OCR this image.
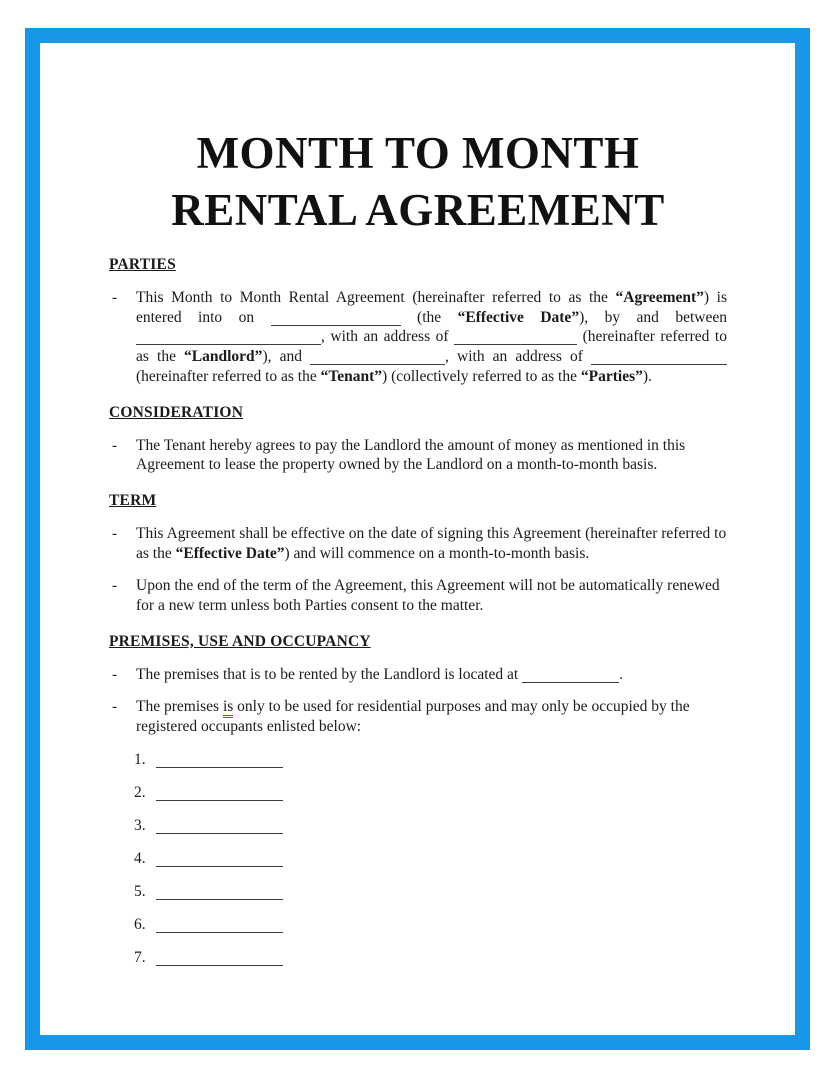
MONTH TO MONTH
RENTAL AGREEMENT
PARTIES
- This Month to Month Rental Agreement (hereinafter referred to as the “Agreement”) is entered into on	(the “Effective Date”), by and between , with an address of	(hereinafter referred to as the “Landlord”), and	, with an address of  (hereinafter referred to as the “Tenant”) (collectively referred to as the “Parties”).
CONSIDERATION
- The Tenant hereby agrees to pay the Landlord the amount of money as mentioned in this Agreement to lease the property owned by the Landlord on a month-to-month basis.
TERM
- This Agreement shall be effective on the date of signing this Agreement (hereinafter referred to as the “Effective Date”) and will commence on a month-to-month basis.
- Upon the end of the term of the Agreement, this Agreement will not be automatically renewed for a new term unless both Parties consent to the matter.
PREMISES, USE AND OCCUPANCY
- The premises that is to be rented by the Landlord is located at	.
- The premises is only to be used for residential purposes and may only be occupied by the registered occupants enlisted below:
1.
2.
3.
4.
5.
6.
7.
